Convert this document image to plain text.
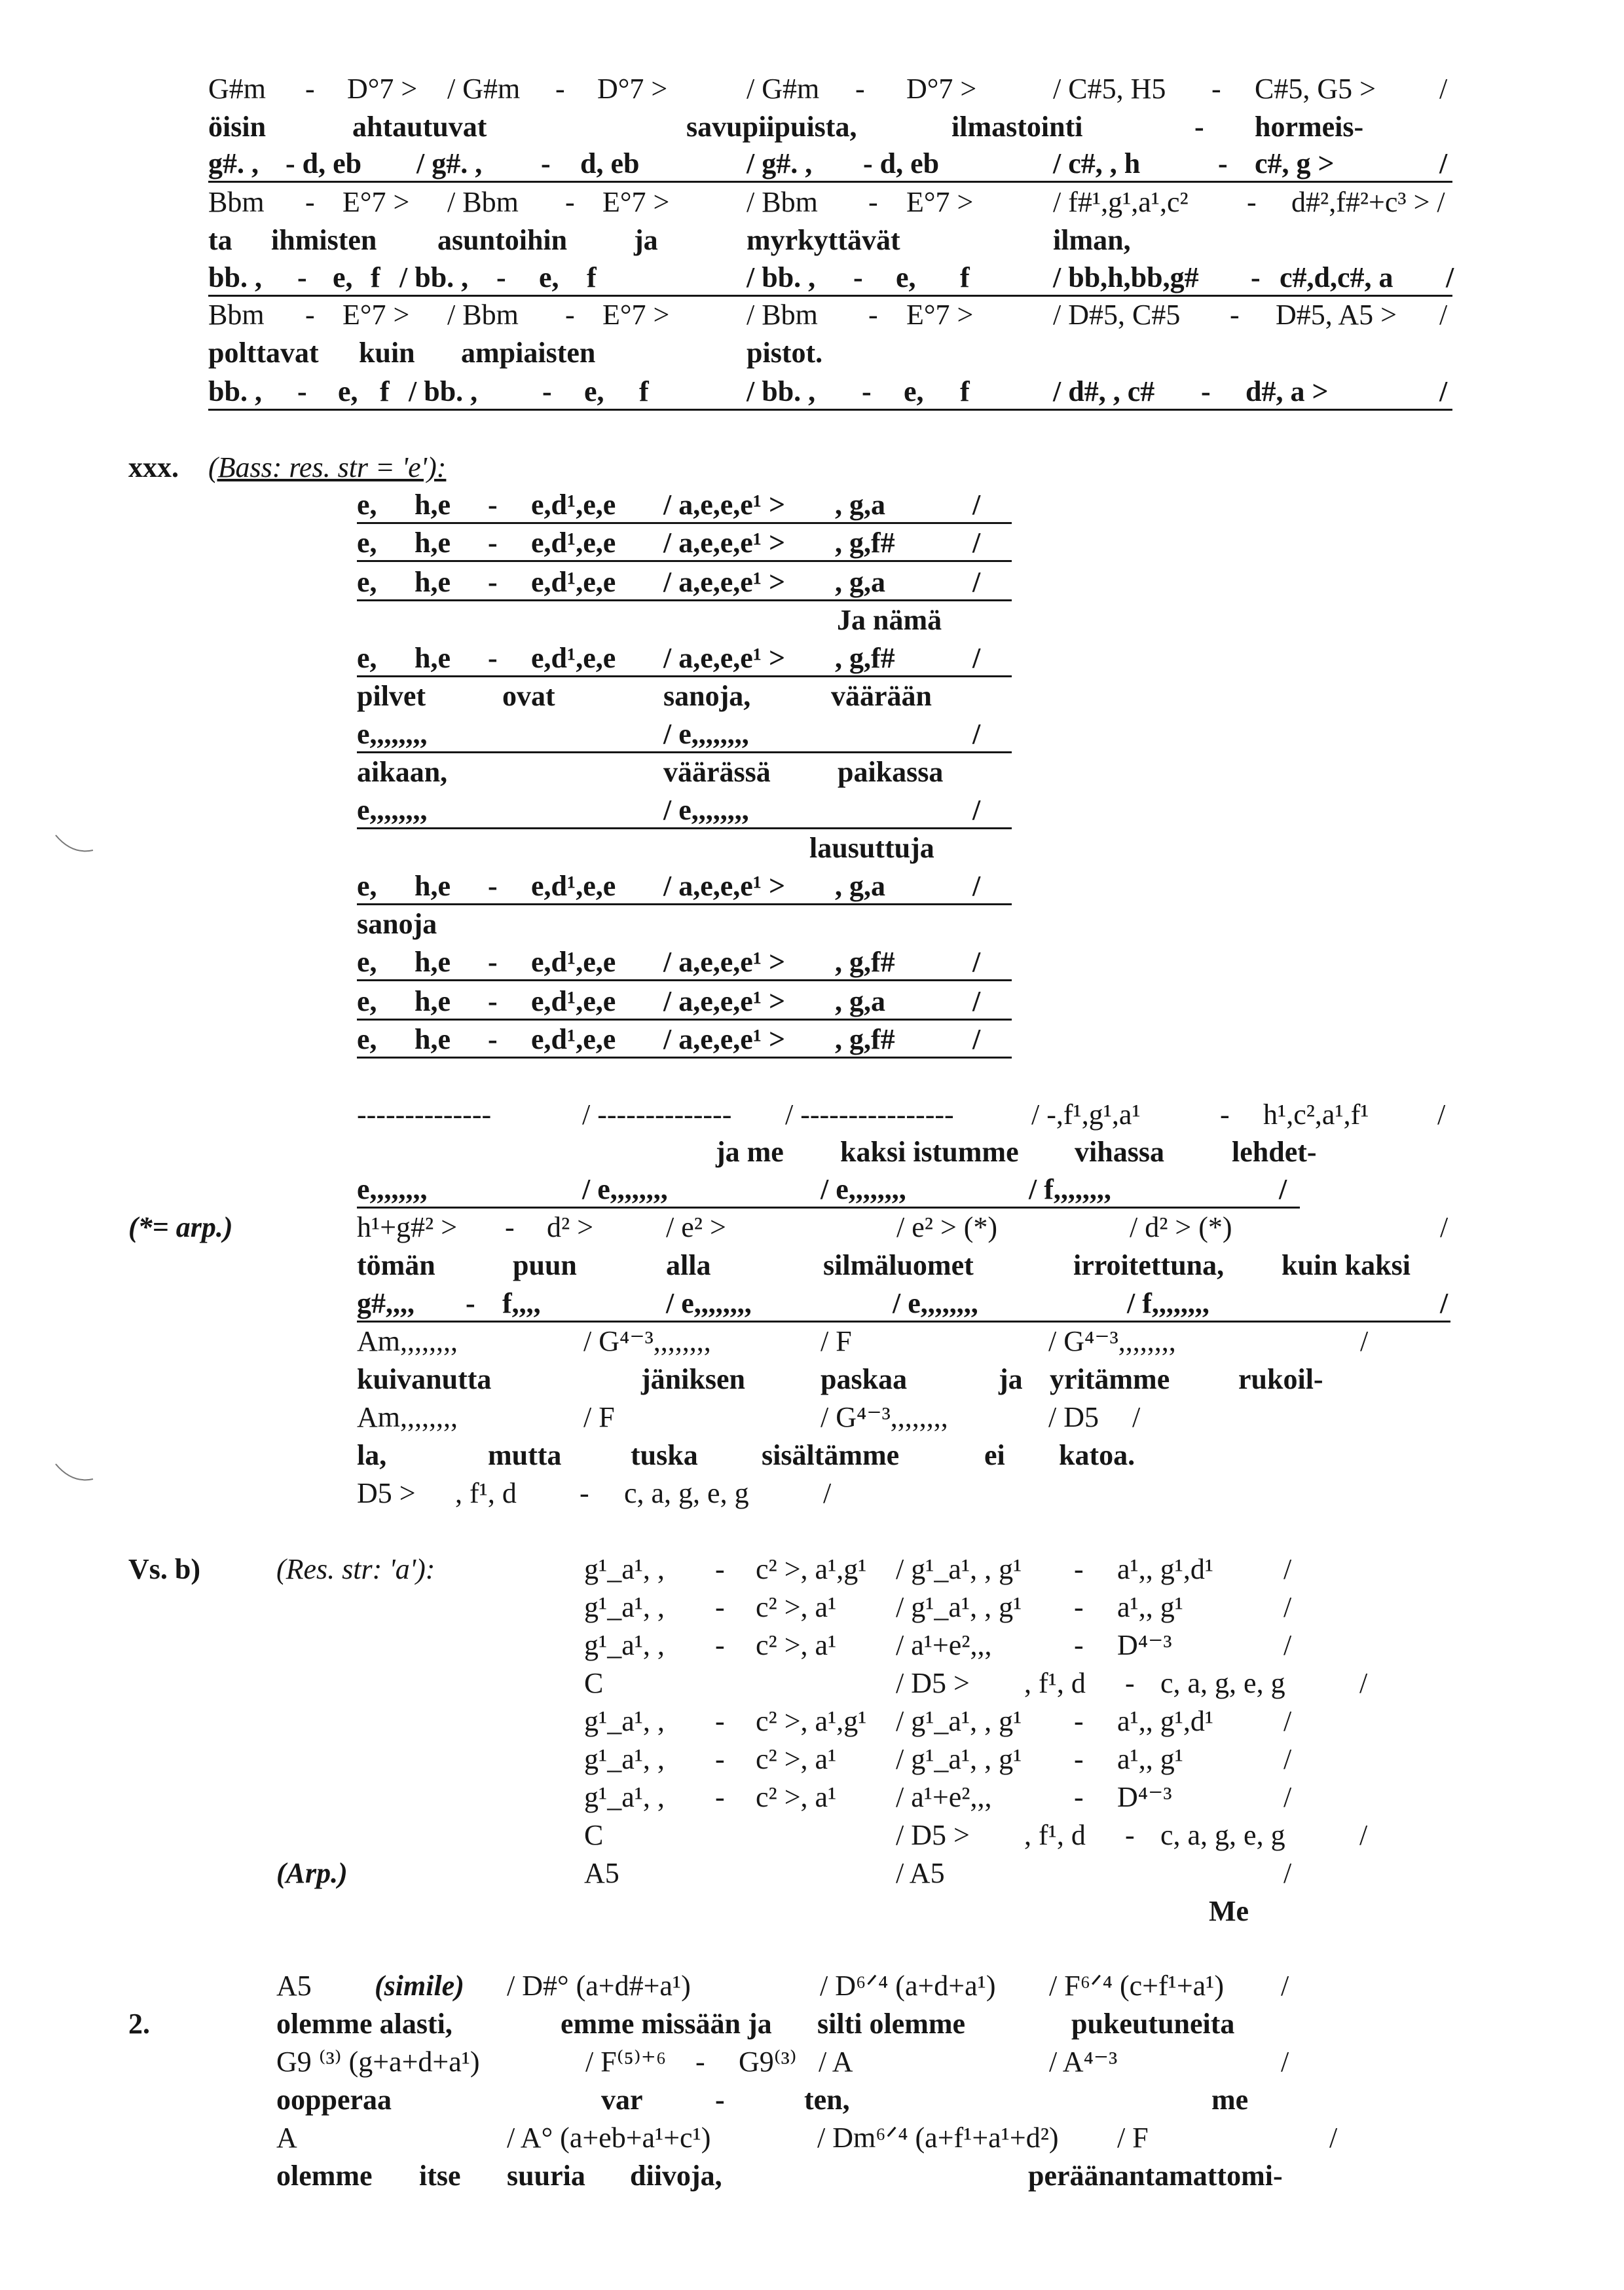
G#m - D°7 > / G#m - D°7 >	/ G#m - D°7 >	/ C#5, H5 - C#5, G5 > /
öisin	ahtautuvat	savupiipuista,	ilmastointi	- hormeis-
g#. , - d, eb / g#. , - d, eb	/ g#. , - d, eb	/ c#, , h	- c#, g >	/
Bbm - E°7 > / Bbm - E°7 >	/ Bbm - E°7 >	/ f#¹,g¹,a¹,c² - d#²,f#²+c³ > /
ta ihmisten asuntoihin ja	myrkyttävät	ilman,
bb. , - e, f / bb. , - e, f	/ bb. , - e, f	/ bb,h,bb,g# - c#,d,c#, a /
Bbm - E°7 > / Bbm - E°7 >	/ Bbm - E°7 >	/ D#5, C#5 - D#5, A5 > /
polttavat kuin ampiaisten	pistot.
bb. , - e, f / bb. , - e, f	/ bb. , - e, f	/ d#, , c# - d#, a >	/
xxx. (Bass: res. str = 'e'):
e, h,e - e,d¹,e,e / a,e,e,e¹ > , g,a	/
e, h,e - e,d¹,e,e / a,e,e,e¹ > , g,f#	/
e, h,e - e,d¹,e,e / a,e,e,e¹ > , g,a	/
Ja nämä
e, h,e - e,d¹,e,e / a,e,e,e¹ > , g,f#	/
pilvet	ovat	sanoja,	väärään
e,,,,,,,,	/ e,,,,,,,,	/
aikaan,	väärässä paikassa
e,,,,,,,,	/ e,,,,,,,,	/
lausuttuja
e, h,e - e,d¹,e,e / a,e,e,e¹ > , g,a	/
sanoja
e, h,e - e,d¹,e,e / a,e,e,e¹ > , g,f#	/
e, h,e - e,d¹,e,e / a,e,e,e¹ > , g,a	/
e, h,e - e,d¹,e,e / a,e,e,e¹ > , g,f#	/
--------------	/ -------------- / ----------------	/ -,f¹,g¹,a¹	- h¹,c²,a¹,f¹ /
ja me kaksi istumme vihassa lehdet-
e,,,,,,,,	/ e,,,,,,,,	/ e,,,,,,,,	/ f,,,,,,,,	/
(*= arp.)	h¹+g#² > - d² >	/ e² >	/ e² > (*)	/ d² > (*)	/
tömän	puun	alla	silmäluomet	irroitettuna, kuin kaksi
g#,,,, - f,,,,	/ e,,,,,,,,	/ e,,,,,,,,	/ f,,,,,,,,	/
Am,,,,,,,,	/ G⁴⁻³,,,,,,,,	/ F	/ G⁴⁻³,,,,,,,,	/
kuivanutta	jäniksen	paskaa	ja yritämme rukoil-
Am,,,,,,,,	/ F	/ G⁴⁻³,,,,,,,,	/ D5 /
la,	mutta tuska sisältämme	ei katoa.
D5 > , f¹, d - c, a, g, e, g	/
Vs. b)	(Res. str: 'a'):	g¹_a¹, , - c² >, a¹,g¹ / g¹_a¹, , g¹ - a¹,, g¹,d¹ /
g¹_a¹, , - c² >, a¹ / g¹_a¹, , g¹ - a¹,, g¹	/
g¹_a¹, , - c² >, a¹ / a¹+e²,,,	- D⁴⁻³	/
C	/ D5 > , f¹, d - c, a, g, e, g	/
g¹_a¹, , - c² >, a¹,g¹ / g¹_a¹, , g¹ - a¹,, g¹,d¹ /
g¹_a¹, , - c² >, a¹ / g¹_a¹, , g¹ - a¹,, g¹	/
g¹_a¹, , - c² >, a¹ / a¹+e²,,,	- D⁴⁻³	/
C	/ D5 > , f¹, d - c, a, g, e, g	/
(Arp.)	A5	/ A5	/
Me
A5 (simile) / D#° (a+d#+a¹)	/ D⁶ᐟ⁴ (a+d+a¹) / F⁶ᐟ⁴ (c+f¹+a¹) /
2.	olemme alasti,	emme missään ja silti olemme	pukeutuneita
G9 ⁽³⁾ (g+a+d+a¹)	/ F⁽⁵⁾⁺⁶ - G9⁽³⁾ / A	/ A⁴⁻³	/
oopperaa	var	-	ten,	me
A	/ A° (a+eb+a¹+c¹)	/ Dm⁶ᐟ⁴ (a+f¹+a¹+d²) / F	/
olemme itse suuria diivoja,	peräänantamattomi-
